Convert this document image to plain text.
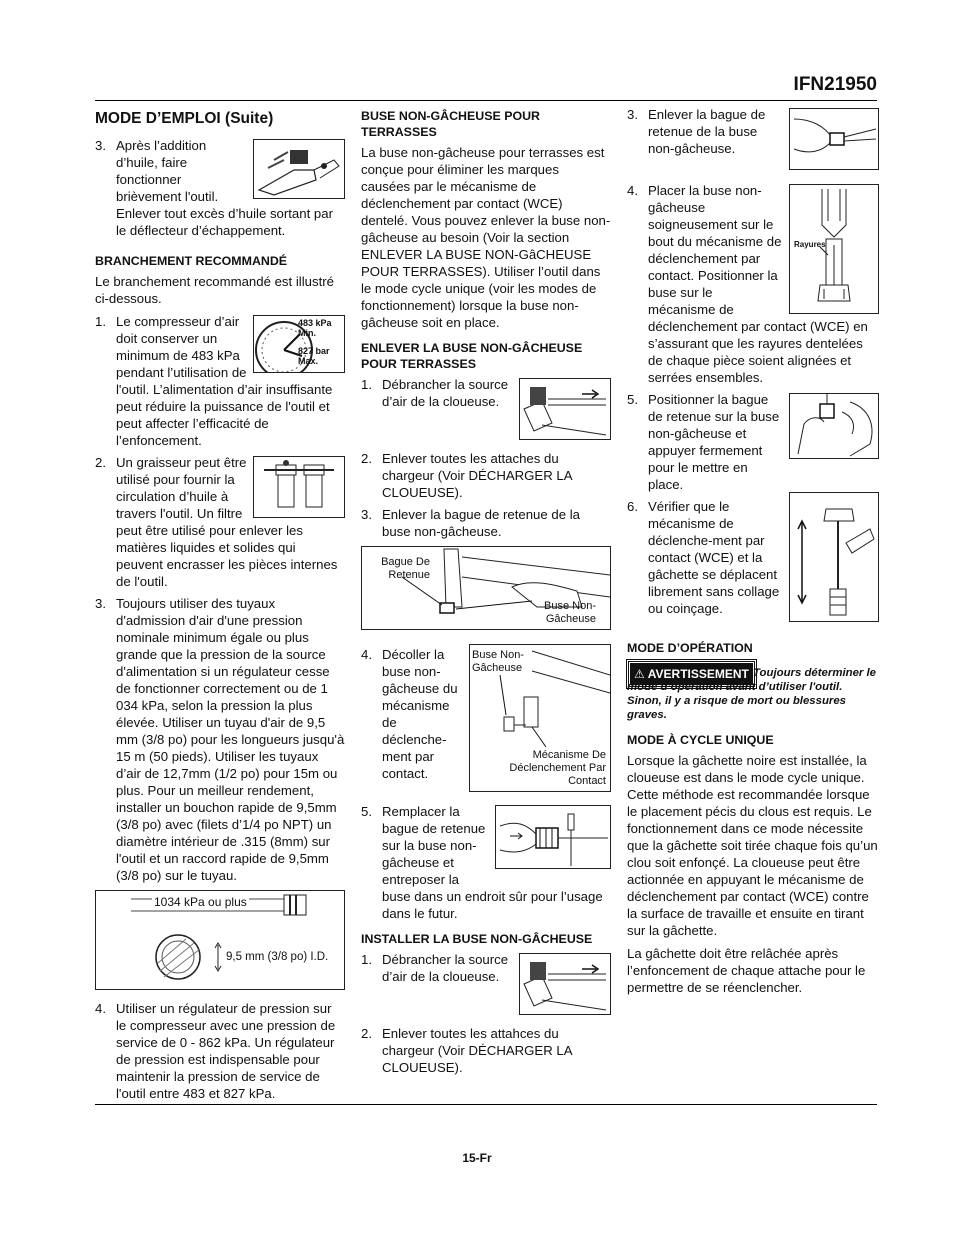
IFN21950
MODE D’EMPLOI (Suite)
3. Après l’addition d’huile, faire fonctionner brièvement l'outil. Enlever tout excès d’huile sortant par le déflecteur d’échappement.
BRANCHEMENT RECOMMANDÉ

Le branchement recommandé est illustré ci-dessous.

1.	483 kPa Min.
827 bar Max.
Le compresseur d’air doit conserver un minimum de 483 kPa pendant l’utilisation de l'outil. L’alimentation d’air insuffisante peut réduire la puissance de l'outil et peut affecter l’efficacité de l’enfoncement.
2. Un graisseur peut être utilisé pour fournir la circulation d’huile à travers l'outil. Un filtre peut être utilisé pour enlever les matières liquides et solides qui peuvent encrasser les pièces internes de l'outil.
3. Toujours utiliser des tuyaux d'admission d'air d'une pression nominale minimum égale ou plus grande que la pression de la source d'alimentation si un régulateur cesse de fonctionner correctement ou de 1 034 kPa, selon la pression la plus élevée. Utiliser un tuyau d'air de 9,5 mm (3/8 po) pour les longueurs jusqu'à 15 m (50 pieds). Utiliser les tuyaux d’air de 12,7mm (1/2 po) pour 15m ou plus. Pour un meilleur rendement, installer un bouchon rapide de 9,5mm (3/8 po) avec (filets d’1/4 po NPT) un diamètre intérieur de .315 (8mm) sur l'outil et un raccord rapide de 9,5mm (3/8 po) sur le tuyau.
1034 kPa ou plus
9,5 mm (3/8 po) I.D.
4. Utiliser un régulateur de pression sur le compresseur avec une pression de service de 0 - 862 kPa. Un régulateur de pression est indispensable pour maintenir la pression de service de l'outil entre 483 et 827 kPa.
BUSE NON-GÂCHEUSE POUR TERRASSES

La buse non-gâcheuse pour terrasses est conçue pour éliminer les marques causées par le mécanisme de déclenchement par contact (WCE) dentelé. Vous pouvez enlever la buse non-gâcheuse au besoin (Voir la section ENLEVER LA BUSE NON-GâCHEUSE POUR TERRASSES). Utiliser l’outil dans le mode cycle unique (voir les modes de fonctionnement) lorsque la buse non-gâcheuse soit en place.

ENLEVER LA BUSE NON-GÂCHEUSE POUR TERRASSES
1. Débrancher la source d’air de la cloueuse.
2. Enlever toutes les attaches du chargeur (Voir DÉCHARGER LA CLOUEUSE).
3. Enlever la bague de retenue de la buse non-gâcheuse.
Bague De Retenue
Buse Non-Gâcheuse
4.	Buse Non-Gâcheuse
Mécanisme De Déclenchement Par Contact
Décoller la buse non-gâcheuse du mécanisme de déclenche-ment par contact.
5. Remplacer la bague de retenue sur la buse non-gâcheuse et entreposer la buse dans un endroit sûr pour l’usage dans le futur.
INSTALLER LA BUSE NON-GÂCHEUSE
1. Débrancher la source d’air de la cloueuse.
2. Enlever toutes les attahces du chargeur (Voir DÉCHARGER LA CLOUEUSE).
3. Enlever la bague de retenue de la buse non-gâcheuse.
4.
Rayures
Placer la buse non-gâcheuse soigneusement sur le bout du mécanisme de déclenchement par contact. Positionner la buse sur le mécanisme de déclenchement par contact (WCE) en s’assurant que les rayures dentelées de chaque pièce soient alignées et serrées ensembles.
5. Positionner la bague de retenue sur la buse non-gâcheuse et appuyer fermement pour le mettre en place.
6. Vérifier que le mécanisme de déclenche-ment par contact (WCE) et la gâchette se déplacent librement sans collage ou coinçage.
MODE D’OPÉRATION
⚠ AVERTISSEMENT Toujours déterminer le mode d’opération avant d’utiliser l'outil. Sinon, il y a risque de mort ou blessures graves.
MODE À CYCLE UNIQUE

Lorsque la gâchette noire est installée, la cloueuse est dans le mode cycle unique. Cette méthode est recommandée lorsque le placement pécis du clous est requis. Le fonctionnement dans ce mode nécessite que la gâchette soit tirée chaque fois qu’un clou soit enfonçé. La cloueuse peut être actionnée en appuyant le mécanisme de déclenchement par contact (WCE) contre la surface de travaille et ensuite en tirant sur la gâchette.

La gâchette doit être relâchée après l’enfoncement de chaque attache pour le permettre de se réenclencher.

15-Fr
